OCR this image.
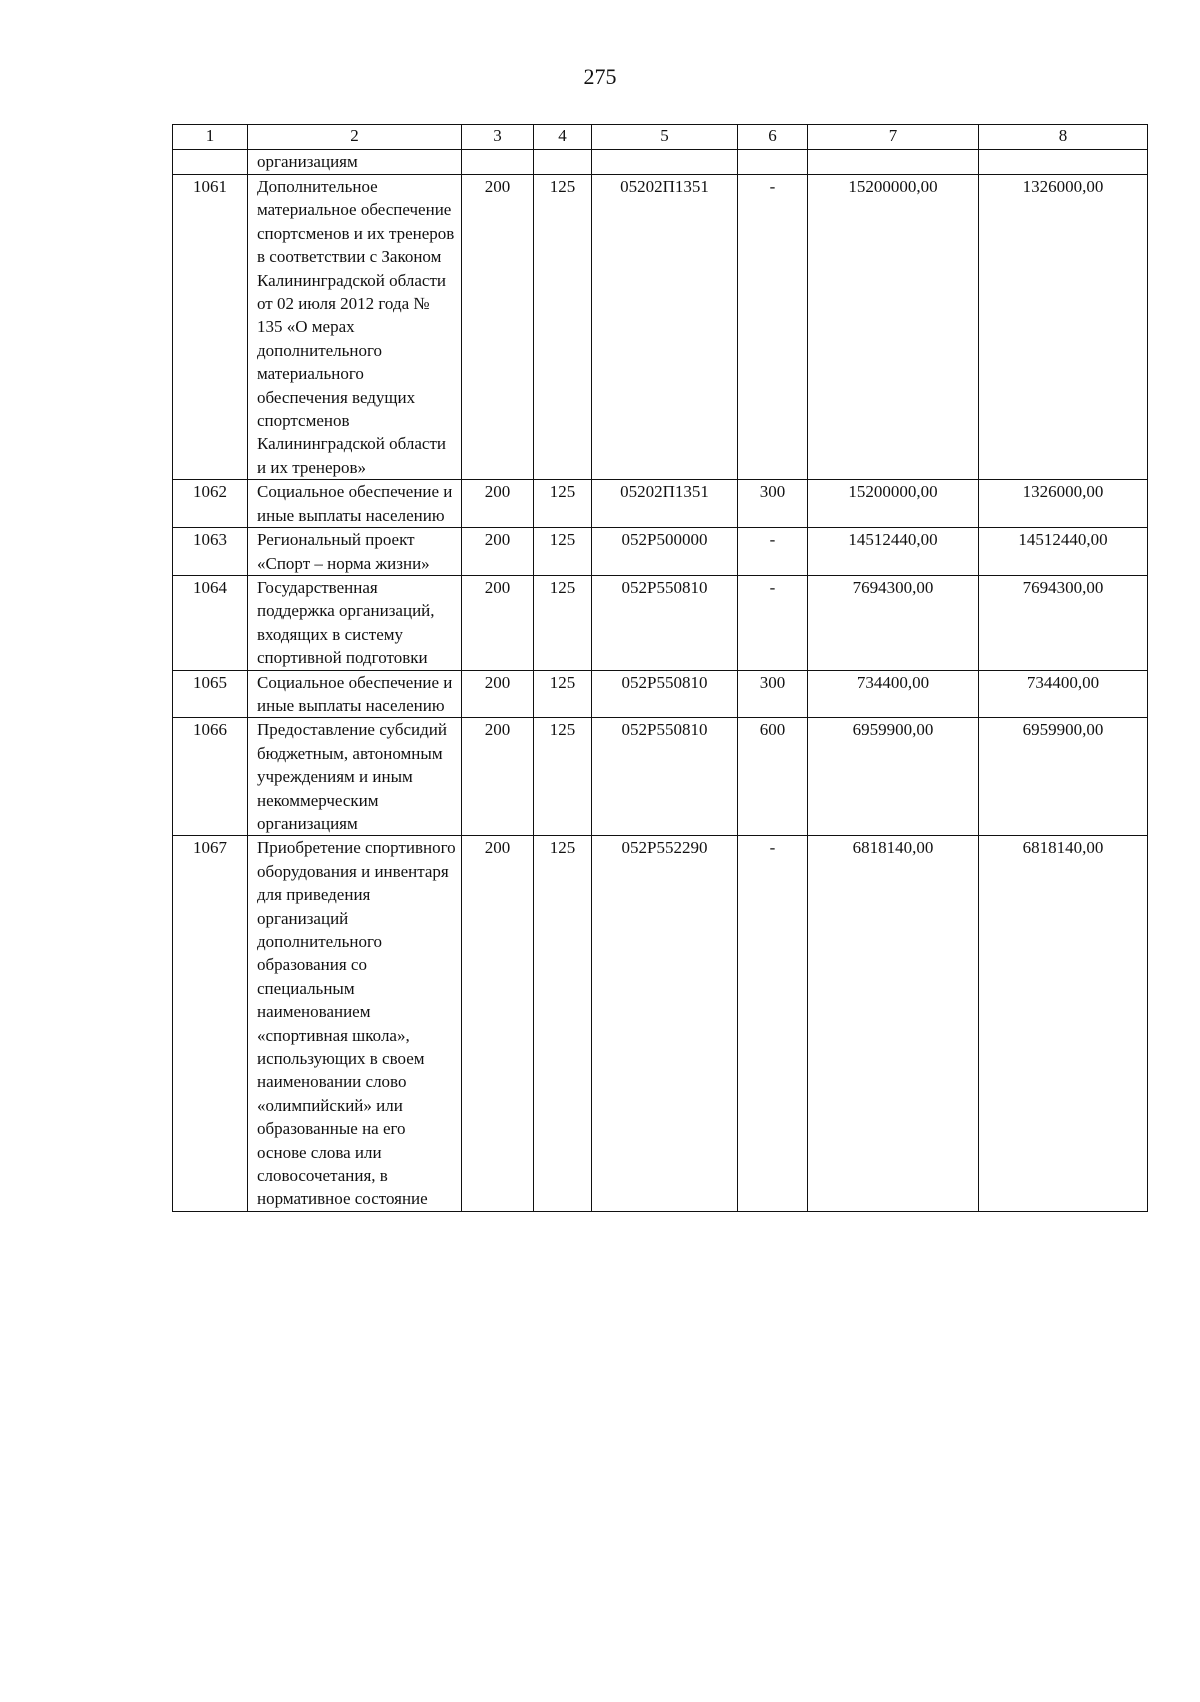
275
1	2	3	4	5	6	7	8
	организациям						
1061	Дополнительное материальное обеспечение спортсменов и их тренеров в соответствии с Законом Калининградской области от 02 июля 2012 года № 135 «О мерах дополнительного материального обеспечения ведущих спортсменов Калининградской области и их тренеров»	200	125	05202П1351	-	15200000,00	1326000,00
1062	Социальное обеспечение и иные выплаты населению	200	125	05202П1351	300	15200000,00	1326000,00
1063	Региональный проект «Спорт – норма жизни»	200	125	052Р500000	-	14512440,00	14512440,00
1064	Государственная поддержка организаций, входящих в систему спортивной подготовки	200	125	052Р550810	-	7694300,00	7694300,00
1065	Социальное обеспечение и иные выплаты населению	200	125	052Р550810	300	734400,00	734400,00
1066	Предоставление субсидий бюджетным, автономным учреждениям и иным некоммерческим организациям	200	125	052Р550810	600	6959900,00	6959900,00
1067	Приобретение спортивного оборудования и инвентаря для приведения организаций дополнительного образования со специальным наименованием «спортивная школа», использующих в своем наименовании слово «олимпийский» или образованные на его основе слова или словосочетания, в нормативное состояние	200	125	052Р552290	-	6818140,00	6818140,00
